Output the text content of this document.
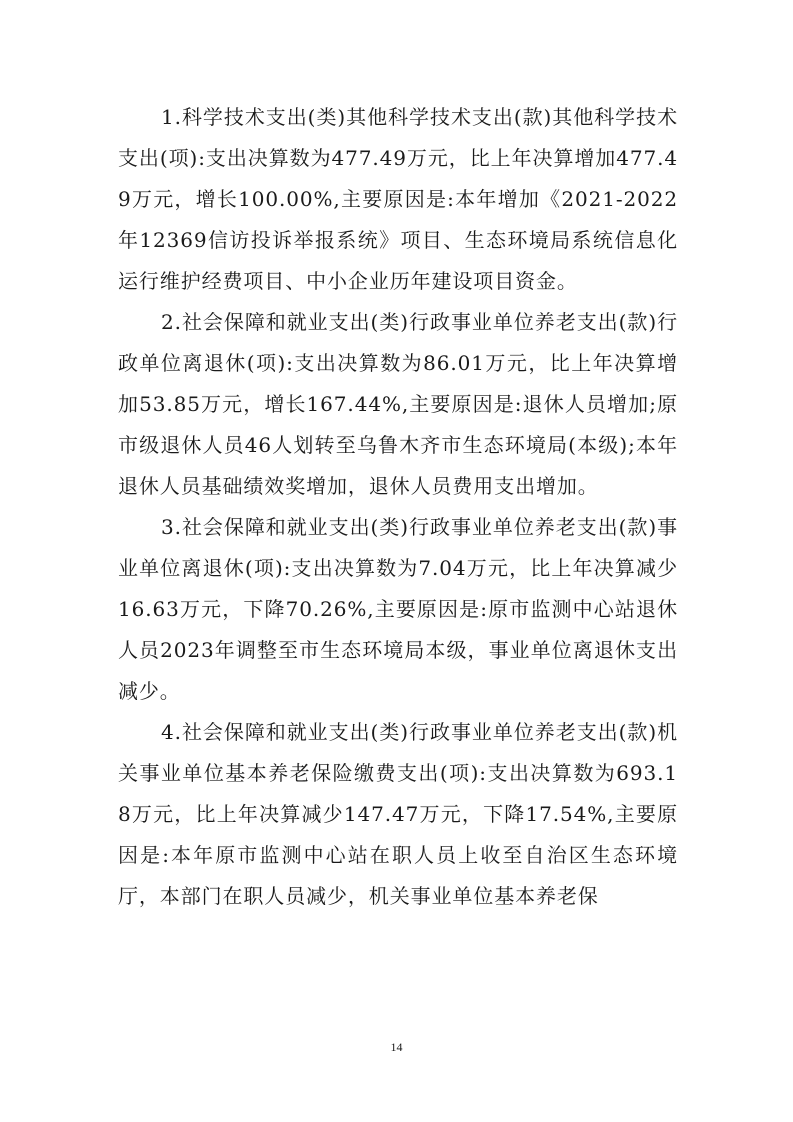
1.科学技术支出(类)其他科学技术支出(款)其他科学技术支出(项):支出决算数为477.49万元，比上年决算增加477.49万元，增长100.00%,主要原因是:本年增加《2021-2022年12369信访投诉举报系统》项目、生态环境局系统信息化运行维护经费项目、中小企业历年建设项目资金。

2.社会保障和就业支出(类)行政事业单位养老支出(款)行政单位离退休(项):支出决算数为86.01万元，比上年决算增加53.85万元，增长167.44%,主要原因是:退休人员增加;原市级退休人员46人划转至乌鲁木齐市生态环境局(本级);本年退休人员基础绩效奖增加，退休人员费用支出增加。

3.社会保障和就业支出(类)行政事业单位养老支出(款)事业单位离退休(项):支出决算数为7.04万元，比上年决算减少16.63万元，下降70.26%,主要原因是:原市监测中心站退休人员2023年调整至市生态环境局本级，事业单位离退休支出减少。

4.社会保障和就业支出(类)行政事业单位养老支出(款)机关事业单位基本养老保险缴费支出(项):支出决算数为693.18万元，比上年决算减少147.47万元，下降17.54%,主要原因是:本年原市监测中心站在职人员上收至自治区生态环境厅，本部门在职人员减少，机关事业单位基本养老保

14
